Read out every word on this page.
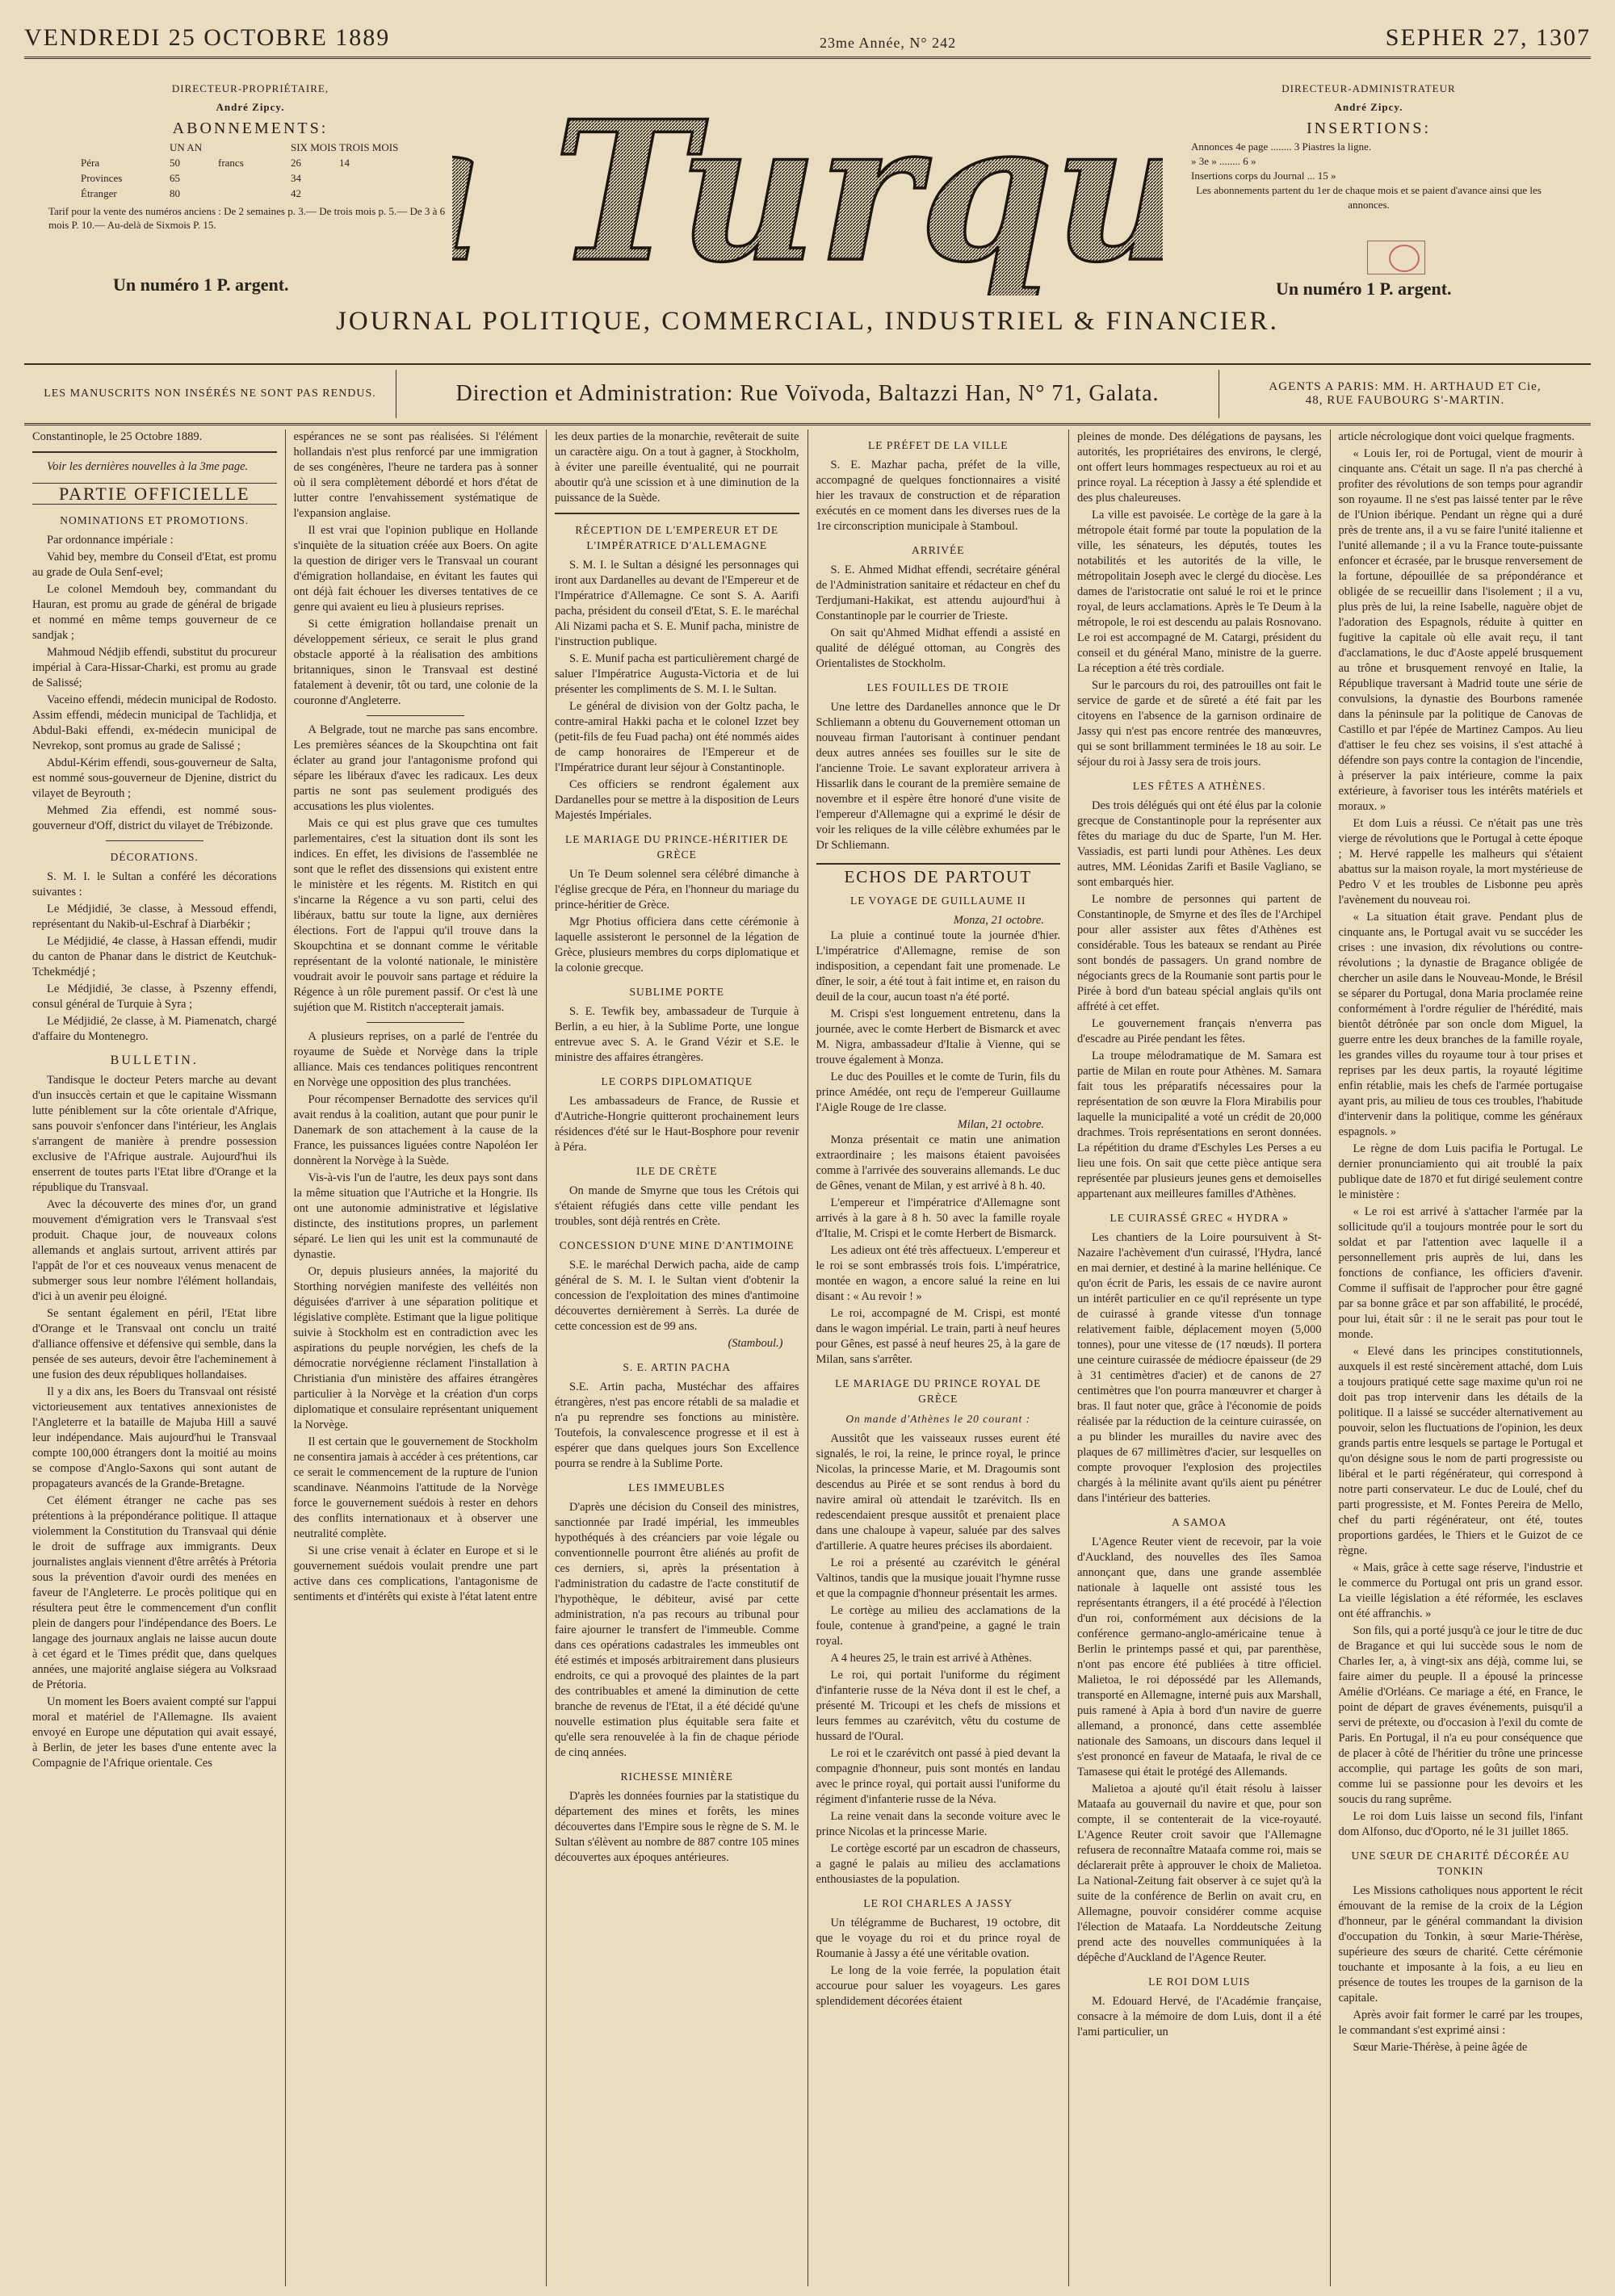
VENDREDI 25 OCTOBRE 1889	23me Année, N° 242	SEPHER 27, 1307
DIRECTEUR-PROPRIÉTAIRE,
André Zipcy.
ABONNEMENTS:
UN AN	SIX MOIS TROIS MOIS
Péra	50	francs	26	14
Provinces	65	34
Étranger	80	42
Tarif pour la vente des numéros anciens : De 2 semaines p. 3.— De trois mois p. 5.— De 3 à 6 mois P. 10.— Au-delà de Sixmois P. 15.
Un numéro 1 P. argent.	Turq
JOURNAL POLITIQUE, COMMERCIAL, INDUSTRIEL & FINANCIER.
DIRECTEUR-ADMINISTRATEUR
André Zipcy.
INSERTIONS:
Annonces 4e page ........ 3 Piastres la ligne.
» 3e » ........ 6 »
Insertions corps du Journal ... 15 »
Les abonnements partent du 1er de chaque mois et se paient d'avance ainsi que les annonces.
Un numéro 1 P. argent.
LES MANUSCRITS NON INSÉRÉS NE SONT PAS RENDUS.	Direction et Administration: Rue Voïvoda, Baltazzi Han, N° 71, Galata.	AGENTS A PARIS: MM. H. ARTHAUD ET Cie,
48, RUE FAUBOURG S'-MARTIN.

Constantinople, le 25 Octobre 1889.

Voir les dernières nouvelles à la 3me page.

PARTIE OFFICIELLE
NOMINATIONS ET PROMOTIONS.

Par ordonnance impériale :

Vahid bey, membre du Conseil d'Etat, est promu au grade de Oula Senf-evel;

Le colonel Memdouh bey, commandant du Hauran, est promu au grade de général de brigade et nommé en même temps gouverneur de ce sandjak ;

Mahmoud Nédjib effendi, substitut du procureur impérial à Cara-Hissar-Charki, est promu au grade de Salissé;

Vaceino effendi, médecin municipal de Rodosto. Assim effendi, médecin municipal de Tachlidja, et Abdul-Baki effendi, ex-médecin municipal de Nevrekop, sont promus au grade de Salissé ;

Abdul-Kérim effendi, sous-gouverneur de Salta, est nommé sous-gouverneur de Djenine, district du vilayet de Beyrouth ;

Mehmed Zia effendi, est nommé sous-gouverneur d'Off, district du vilayet de Trébizonde.

DÉCORATIONS.

S. M. I. le Sultan a conféré les décorations suivantes :

Le Médjidié, 3e classe, à Messoud effendi, représentant du Nakib-ul-Eschraf à Diarbékir ;

Le Médjidié, 4e classe, à Hassan effendi, mudir du canton de Phanar dans le district de Keutchuk-Tchekmédjé ;

Le Médjidié, 3e classe, à Pszenny effendi, consul général de Turquie à Syra ;

Le Médjidié, 2e classe, à M. Piamenatch, chargé d'affaire du Montenegro.

BULLETIN.

Tandisque le docteur Peters marche au devant d'un insuccès certain et que le capitaine Wissmann lutte péniblement sur la côte orientale d'Afrique, sans pouvoir s'enfoncer dans l'intérieur, les Anglais s'arrangent de manière à prendre possession exclusive de l'Afrique australe. Aujourd'hui ils enserrent de toutes parts l'Etat libre d'Orange et la république du Transvaal.

Avec la découverte des mines d'or, un grand mouvement d'émigration vers le Transvaal s'est produit. Chaque jour, de nouveaux colons allemands et anglais surtout, arrivent attirés par l'appât de l'or et ces nouveaux venus menacent de submerger sous leur nombre l'élément hollandais, d'ici à un avenir peu éloigné.

Se sentant également en péril, l'Etat libre d'Orange et le Transvaal ont conclu un traité d'alliance offensive et défensive qui semble, dans la pensée de ses auteurs, devoir être l'acheminement à une fusion des deux républiques hollandaises.

Il y a dix ans, les Boers du Transvaal ont résisté victorieusement aux tentatives annexionistes de l'Angleterre et la bataille de Majuba Hill a sauvé leur indépendance. Mais aujourd'hui le Transvaal compte 100,000 étrangers dont la moitié au moins se compose d'Anglo-Saxons qui sont autant de propagateurs avancés de la Grande-Bretagne.

Cet élément étranger ne cache pas ses prétentions à la prépondérance politique. Il attaque violemment la Constitution du Transvaal qui dénie le droit de suffrage aux immigrants. Deux journalistes anglais viennent d'être arrêtés à Prétoria sous la prévention d'avoir ourdi des menées en faveur de l'Angleterre. Le procès politique qui en résultera peut être le commencement d'un conflit plein de dangers pour l'indépendance des Boers. Le langage des journaux anglais ne laisse aucun doute à cet égard et le Times prédit que, dans quelques années, une majorité anglaise siégera au Volksraad de Prétoria.

Un moment les Boers avaient compté sur l'appui moral et matériel de l'Allemagne. Ils avaient envoyé en Europe une députation qui avait essayé, à Berlin, de jeter les bases d'une entente avec la Compagnie de l'Afrique orientale. Ces

espérances ne se sont pas réalisées. Si l'élément hollandais n'est plus renforcé par une immigration de ses congénères, l'heure ne tardera pas à sonner où il sera complètement débordé et hors d'état de lutter contre l'envahissement systématique de l'expansion anglaise.

Il est vrai que l'opinion publique en Hollande s'inquiète de la situation créée aux Boers. On agite la question de diriger vers le Transvaal un courant d'émigration hollandaise, en évitant les fautes qui ont déjà fait échouer les diverses tentatives de ce genre qui avaient eu lieu à plusieurs reprises.

Si cette émigration hollandaise prenait un développement sérieux, ce serait le plus grand obstacle apporté à la réalisation des ambitions britanniques, sinon le Transvaal est destiné fatalement à devenir, tôt ou tard, une colonie de la couronne d'Angleterre.

A Belgrade, tout ne marche pas sans encombre. Les premières séances de la Skoupchtina ont fait éclater au grand jour l'antagonisme profond qui sépare les libéraux d'avec les radicaux. Les deux partis ne sont pas seulement prodigués des accusations les plus violentes.

Mais ce qui est plus grave que ces tumultes parlementaires, c'est la situation dont ils sont les indices. En effet, les divisions de l'assemblée ne sont que le reflet des dissensions qui existent entre le ministère et les régents. M. Ristitch en qui s'incarne la Régence a vu son parti, celui des libéraux, battu sur toute la ligne, aux dernières élections. Fort de l'appui qu'il trouve dans la Skoupchtina et se donnant comme le véritable représentant de la volonté nationale, le ministère voudrait avoir le pouvoir sans partage et réduire la Régence à un rôle purement passif. Or c'est là une sujétion que M. Ristitch n'accepterait jamais.

A plusieurs reprises, on a parlé de l'entrée du royaume de Suède et Norvège dans la triple alliance. Mais ces tendances politiques rencontrent en Norvège une opposition des plus tranchées.

Pour récompenser Bernadotte des services qu'il avait rendus à la coalition, autant que pour punir le Danemark de son attachement à la cause de la France, les puissances liguées contre Napoléon Ier donnèrent la Norvège à la Suède.

Vis-à-vis l'un de l'autre, les deux pays sont dans la même situation que l'Autriche et la Hongrie. Ils ont une autonomie administrative et législative distincte, des institutions propres, un parlement séparé. Le lien qui les unit est la communauté de dynastie.

Or, depuis plusieurs années, la majorité du Storthing norvégien manifeste des velléités non déguisées d'arriver à une séparation politique et législative complète. Estimant que la ligue politique suivie à Stockholm est en contradiction avec les aspirations du peuple norvégien, les chefs de la démocratie norvégienne réclament l'installation à Christiania d'un ministère des affaires étrangères particulier à la Norvège et la création d'un corps diplomatique et consulaire représentant uniquement la Norvège.

Il est certain que le gouvernement de Stockholm ne consentira jamais à accéder à ces prétentions, car ce serait le commencement de la rupture de l'union scandinave. Néanmoins l'attitude de la Norvège force le gouvernement suédois à rester en dehors des conflits internationaux et à observer une neutralité complète.

Si une crise venait à éclater en Europe et si le gouvernement suédois voulait prendre une part active dans ces complications, l'antagonisme de sentiments et d'intérêts qui existe à l'état latent entre

les deux parties de la monarchie, revêterait de suite un caractère aigu. On a tout à gagner, à Stockholm, à éviter une pareille éventualité, qui ne pourrait aboutir qu'à une scission et à une diminution de la puissance de la Suède.

RÉCEPTION DE L'EMPEREUR ET DE L'IMPÉRATRICE D'ALLEMAGNE

S. M. I. le Sultan a désigné les personnages qui iront aux Dardanelles au devant de l'Empereur et de l'Impératrice d'Allemagne. Ce sont S. A. Aarifi pacha, président du conseil d'Etat, S. E. le maréchal Ali Nizami pacha et S. E. Munif pacha, ministre de l'instruction publique.

S. E. Munif pacha est particulièrement chargé de saluer l'Impératrice Augusta-Victoria et de lui présenter les compliments de S. M. I. le Sultan.

Le général de division von der Goltz pacha, le contre-amiral Hakki pacha et le colonel Izzet bey (petit-fils de feu Fuad pacha) ont été nommés aides de camp honoraires de l'Empereur et de l'Impératrice durant leur séjour à Constantinople.

Ces officiers se rendront également aux Dardanelles pour se mettre à la disposition de Leurs Majestés Impériales.

LE MARIAGE DU PRINCE-HÉRITIER DE GRÈCE

Un Te Deum solennel sera célébré dimanche à l'église grecque de Péra, en l'honneur du mariage du prince-héritier de Grèce.

Mgr Photius officiera dans cette cérémonie à laquelle assisteront le personnel de la légation de Grèce, plusieurs membres du corps diplomatique et la colonie grecque.

SUBLIME PORTE

S. E. Tewfik bey, ambassadeur de Turquie à Berlin, a eu hier, à la Sublime Porte, une longue entrevue avec S. A. le Grand Vézir et S.E. le ministre des affaires étrangères.

LE CORPS DIPLOMATIQUE

Les ambassadeurs de France, de Russie et d'Autriche-Hongrie quitteront prochainement leurs résidences d'été sur le Haut-Bosphore pour revenir à Péra.

ILE DE CRÈTE

On mande de Smyrne que tous les Crétois qui s'étaient réfugiés dans cette ville pendant les troubles, sont déjà rentrés en Crète.

CONCESSION D'UNE MINE D'ANTIMOINE

S.E. le maréchal Derwich pacha, aide de camp général de S. M. I. le Sultan vient d'obtenir la concession de l'exploitation des mines d'antimoine découvertes dernièrement à Serrès. La durée de cette concession est de 99 ans.

(Stamboul.)
S. E. ARTIN PACHA

S.E. Artin pacha, Mustéchar des affaires étrangères, n'est pas encore rétabli de sa maladie et n'a pu reprendre ses fonctions au ministère. Toutefois, la convalescence progresse et il est à espérer que dans quelques jours Son Excellence pourra se rendre à la Sublime Porte.

LES IMMEUBLES

D'après une décision du Conseil des ministres, sanctionnée par Iradé impérial, les immeubles hypothéqués à des créanciers par voie légale ou conventionnelle pourront être aliénés au profit de ces derniers, si, après la présentation à l'administration du cadastre de l'acte constitutif de l'hypothèque, le débiteur, avisé par cette administration, n'a pas recours au tribunal pour faire ajourner le transfert de l'immeuble. Comme dans ces opérations cadastrales les immeubles ont été estimés et imposés arbitrairement dans plusieurs endroits, ce qui a provoqué des plaintes de la part des contribuables et amené la diminution de cette branche de revenus de l'Etat, il a été décidé qu'une nouvelle estimation plus équitable sera faite et qu'elle sera renouvelée à la fin de chaque période de cinq années.

RICHESSE MINIÈRE

D'après les données fournies par la statistique du département des mines et forêts, les mines découvertes dans l'Empire sous le règne de S. M. le Sultan s'élèvent au nombre de 887 contre 105 mines découvertes aux époques antérieures.

LE PRÉFET DE LA VILLE

S. E. Mazhar pacha, préfet de la ville, accompagné de quelques fonctionnaires a visité hier les travaux de construction et de réparation exécutés en ce moment dans les diverses rues de la 1re circonscription municipale à Stamboul.

ARRIVÉE

S. E. Ahmed Midhat effendi, secrétaire général de l'Administration sanitaire et rédacteur en chef du Terdjumani-Hakikat, est attendu aujourd'hui à Constantinople par le courrier de Trieste.

On sait qu'Ahmed Midhat effendi a assisté en qualité de délégué ottoman, au Congrès des Orientalistes de Stockholm.

LES FOUILLES DE TROIE

Une lettre des Dardanelles annonce que le Dr Schliemann a obtenu du Gouvernement ottoman un nouveau firman l'autorisant à continuer pendant deux autres années ses fouilles sur le site de l'ancienne Troie. Le savant explorateur arrivera à Hissarlik dans le courant de la première semaine de novembre et il espère être honoré d'une visite de l'empereur d'Allemagne qui a exprimé le désir de voir les reliques de la ville célèbre exhumées par le Dr Schliemann.

ECHOS DE PARTOUT
LE VOYAGE DE GUILLAUME II
Monza, 21 octobre.

La pluie a continué toute la journée d'hier. L'impératrice d'Allemagne, remise de son indisposition, a cependant fait une promenade. Le dîner, le soir, a été tout à fait intime et, en raison du deuil de la cour, aucun toast n'a été porté.

M. Crispi s'est longuement entretenu, dans la journée, avec le comte Herbert de Bismarck et avec M. Nigra, ambassadeur d'Italie à Vienne, qui se trouve également à Monza.

Le duc des Pouilles et le comte de Turin, fils du prince Amédée, ont reçu de l'empereur Guillaume l'Aigle Rouge de 1re classe.

Milan, 21 octobre.

Monza présentait ce matin une animation extraordinaire ; les maisons étaient pavoisées comme à l'arrivée des souverains allemands. Le duc de Gênes, venant de Milan, y est arrivé à 8 h. 40.

L'empereur et l'impératrice d'Allemagne sont arrivés à la gare à 8 h. 50 avec la famille royale d'Italie, M. Crispi et le comte Herbert de Bismarck.

Les adieux ont été très affectueux. L'empereur et le roi se sont embrassés trois fois. L'impératrice, montée en wagon, a encore salué la reine en lui disant : « Au revoir ! »

Le roi, accompagné de M. Crispi, est monté dans le wagon impérial. Le train, parti à neuf heures pour Gênes, est passé à neuf heures 25, à la gare de Milan, sans s'arrêter.

LE MARIAGE DU PRINCE ROYAL DE GRÈCE
On mande d'Athènes le 20 courant :

Aussitôt que les vaisseaux russes eurent été signalés, le roi, la reine, le prince royal, le prince Nicolas, la princesse Marie, et M. Dragoumis sont descendus au Pirée et se sont rendus à bord du navire amiral où attendait le tzarévitch. Ils en redescendaient presque aussitôt et prenaient place dans une chaloupe à vapeur, saluée par des salves d'artillerie. A quatre heures précises ils abordaient.

Le roi a présenté au czarévitch le général Valtinos, tandis que la musique jouait l'hymne russe et que la compagnie d'honneur présentait les armes.

Le cortège au milieu des acclamations de la foule, contenue à grand'peine, a gagné le train royal.

A 4 heures 25, le train est arrivé à Athènes.

Le roi, qui portait l'uniforme du régiment d'infanterie russe de la Néva dont il est le chef, a présenté M. Tricoupi et les chefs de missions et leurs femmes au czarévitch, vêtu du costume de hussard de l'Oural.

Le roi et le czarévitch ont passé à pied devant la compagnie d'honneur, puis sont montés en landau avec le prince royal, qui portait aussi l'uniforme du régiment d'infanterie russe de la Néva.

La reine venait dans la seconde voiture avec le prince Nicolas et la princesse Marie.

Le cortège escorté par un escadron de chasseurs, a gagné le palais au milieu des acclamations enthousiastes de la population.

LE ROI CHARLES A JASSY

Un télégramme de Bucharest, 19 octobre, dit que le voyage du roi et du prince royal de Roumanie à Jassy a été une véritable ovation.

Le long de la voie ferrée, la population était accourue pour saluer les voyageurs. Les gares splendidement décorées étaient

pleines de monde. Des délégations de paysans, les autorités, les propriétaires des environs, le clergé, ont offert leurs hommages respectueux au roi et au prince royal. La réception à Jassy a été splendide et des plus chaleureuses.

La ville est pavoisée. Le cortège de la gare à la métropole était formé par toute la population de la ville, les sénateurs, les députés, toutes les notabilités et les autorités de la ville, le métropolitain Joseph avec le clergé du diocèse. Les dames de l'aristocratie ont salué le roi et le prince royal, de leurs acclamations. Après le Te Deum à la métropole, le roi est descendu au palais Rosnovano. Le roi est accompagné de M. Catargi, président du conseil et du général Mano, ministre de la guerre. La réception a été très cordiale.

Sur le parcours du roi, des patrouilles ont fait le service de garde et de sûreté a été fait par les citoyens en l'absence de la garnison ordinaire de Jassy qui n'est pas encore rentrée des manœuvres, qui se sont brillamment terminées le 18 au soir. Le séjour du roi à Jassy sera de trois jours.

LES FÊTES A ATHÈNES.

Des trois délégués qui ont été élus par la colonie grecque de Constantinople pour la représenter aux fêtes du mariage du duc de Sparte, l'un M. Her. Vassiadis, est parti lundi pour Athènes. Les deux autres, MM. Léonidas Zarifi et Basile Vagliano, se sont embarqués hier.

Le nombre de personnes qui partent de Constantinople, de Smyrne et des îles de l'Archipel pour aller assister aux fêtes d'Athènes est considérable. Tous les bateaux se rendant au Pirée sont bondés de passagers. Un grand nombre de négociants grecs de la Roumanie sont partis pour le Pirée à bord d'un bateau spécial anglais qu'ils ont affrété à cet effet.

Le gouvernement français n'enverra pas d'escadre au Pirée pendant les fêtes.

La troupe mélodramatique de M. Samara est partie de Milan en route pour Athènes. M. Samara fait tous les préparatifs nécessaires pour la représentation de son œuvre la Flora Mirabilis pour laquelle la municipalité a voté un crédit de 20,000 drachmes. Trois représentations en seront données. La répétition du drame d'Eschyles Les Perses a eu lieu une fois. On sait que cette pièce antique sera représentée par plusieurs jeunes gens et demoiselles appartenant aux meilleures familles d'Athènes.

LE CUIRASSÉ GREC « HYDRA »

Les chantiers de la Loire poursuivent à St-Nazaire l'achèvement d'un cuirassé, l'Hydra, lancé en mai dernier, et destiné à la marine hellénique. Ce qu'on écrit de Paris, les essais de ce navire auront un intérêt particulier en ce qu'il représente un type de cuirassé à grande vitesse d'un tonnage relativement faible, déplacement moyen (5,000 tonnes), pour une vitesse de (17 nœuds). Il portera une ceinture cuirassée de médiocre épaisseur (de 29 à 31 centimètres d'acier) et de canons de 27 centimètres que l'on pourra manœuvrer et charger à bras. Il faut noter que, grâce à l'économie de poids réalisée par la réduction de la ceinture cuirassée, on a pu blinder les murailles du navire avec des plaques de 67 millimètres d'acier, sur lesquelles on compte provoquer l'explosion des projectiles chargés à la mélinite avant qu'ils aient pu pénétrer dans l'intérieur des batteries.

A SAMOA

L'Agence Reuter vient de recevoir, par la voie d'Auckland, des nouvelles des îles Samoa annonçant que, dans une grande assemblée nationale à laquelle ont assisté tous les représentants étrangers, il a été procédé à l'élection d'un roi, conformément aux décisions de la conférence germano-anglo-américaine tenue à Berlin le printemps passé et qui, par parenthèse, n'ont pas encore été publiées à titre officiel. Malietoa, le roi dépossédé par les Allemands, transporté en Allemagne, interné puis aux Marshall, puis ramené à Apia à bord d'un navire de guerre allemand, a prononcé, dans cette assemblée nationale des Samoans, un discours dans lequel il s'est prononcé en faveur de Mataafa, le rival de ce Tamasese qui était le protégé des Allemands.

Malietoa a ajouté qu'il était résolu à laisser Mataafa au gouvernail du navire et que, pour son compte, il se contenterait de la vice-royauté. L'Agence Reuter croit savoir que l'Allemagne refusera de reconnaître Mataafa comme roi, mais se déclarerait prête à approuver le choix de Malietoa. La National-Zeitung fait observer à ce sujet qu'à la suite de la conférence de Berlin on avait cru, en Allemagne, pouvoir considérer comme acquise l'élection de Mataafa. La Norddeutsche Zeitung prend acte des nouvelles communiquées à la dépêche d'Auckland de l'Agence Reuter.

LE ROI DOM LUIS

M. Edouard Hervé, de l'Académie française, consacre à la mémoire de dom Luis, dont il a été l'ami particulier, un

article nécrologique dont voici quelque fragments.

« Louis Ier, roi de Portugal, vient de mourir à cinquante ans. C'était un sage. Il n'a pas cherché à profiter des révolutions de son temps pour agrandir son royaume. Il ne s'est pas laissé tenter par le rêve de l'Union ibérique. Pendant un règne qui a duré près de trente ans, il a vu se faire l'unité italienne et l'unité allemande ; il a vu la France toute-puissante enfoncer et écrasée, par le brusque renversement de la fortune, dépouillée de sa prépondérance et obligée de se recueillir dans l'isolement ; il a vu, plus près de lui, la reine Isabelle, naguère objet de l'adoration des Espagnols, réduite à quitter en fugitive la capitale où elle avait reçu, il tant d'acclamations, le duc d'Aoste appelé brusquement au trône et brusquement renvoyé en Italie, la République traversant à Madrid toute une série de convulsions, la dynastie des Bourbons ramenée dans la péninsule par la politique de Canovas de Castillo et par l'épée de Martinez Campos. Au lieu d'attiser le feu chez ses voisins, il s'est attaché à défendre son pays contre la contagion de l'incendie, à préserver la paix intérieure, comme la paix extérieure, à favoriser tous les intérêts matériels et moraux. »

Et dom Luis a réussi. Ce n'était pas une très vierge de révolutions que le Portugal à cette époque ; M. Hervé rappelle les malheurs qui s'étaient abattus sur la maison royale, la mort mystérieuse de Pedro V et les troubles de Lisbonne peu après l'avènement du nouveau roi.

« La situation était grave. Pendant plus de cinquante ans, le Portugal avait vu se succéder les crises : une invasion, dix révolutions ou contre-révolutions ; la dynastie de Bragance obligée de chercher un asile dans le Nouveau-Monde, le Brésil se séparer du Portugal, dona Maria proclamée reine conformément à l'ordre régulier de l'hérédité, mais bientôt détrônée par son oncle dom Miguel, la guerre entre les deux branches de la famille royale, les grandes villes du royaume tour à tour prises et reprises par les deux partis, la royauté légitime enfin rétablie, mais les chefs de l'armée portugaise ayant pris, au milieu de tous ces troubles, l'habitude d'intervenir dans la politique, comme les généraux espagnols. »

Le règne de dom Luis pacifia le Portugal. Le dernier pronunciamiento qui ait troublé la paix publique date de 1870 et fut dirigé seulement contre le ministère :

« Le roi est arrivé à s'attacher l'armée par la sollicitude qu'il a toujours montrée pour le sort du soldat et par l'attention avec laquelle il a personnellement pris auprès de lui, dans les fonctions de confiance, les officiers d'avenir. Comme il suffisait de l'approcher pour être gagné par sa bonne grâce et par son affabilité, le procédé, pour lui, était sûr : il ne le serait pas pour tout le monde.

« Elevé dans les principes constitutionnels, auxquels il est resté sincèrement attaché, dom Luis a toujours pratiqué cette sage maxime qu'un roi ne doit pas trop intervenir dans les détails de la politique. Il a laissé se succéder alternativement au pouvoir, selon les fluctuations de l'opinion, les deux grands partis entre lesquels se partage le Portugal et qu'on désigne sous le nom de parti progressiste ou libéral et le parti régénérateur, qui correspond à notre parti conservateur. Le duc de Loulé, chef du parti progressiste, et M. Fontes Pereira de Mello, chef du parti régénérateur, ont été, toutes proportions gardées, le Thiers et le Guizot de ce règne.

« Mais, grâce à cette sage réserve, l'industrie et le commerce du Portugal ont pris un grand essor. La vieille législation a été réformée, les esclaves ont été affranchis. »

Son fils, qui a porté jusqu'à ce jour le titre de duc de Bragance et qui lui succède sous le nom de Charles Ier, a, à vingt-six ans déjà, comme lui, se faire aimer du peuple. Il a épousé la princesse Amélie d'Orléans. Ce mariage a été, en France, le point de départ de graves événements, puisqu'il a servi de prétexte, ou d'occasion à l'exil du comte de Paris. En Portugal, il n'a eu pour conséquence que de placer à côté de l'héritier du trône une princesse accomplie, qui partage les goûts de son mari, comme lui se passionne pour les devoirs et les soucis du rang suprême.

Le roi dom Luis laisse un second fils, l'infant dom Alfonso, duc d'Oporto, né le 31 juillet 1865.

UNE SŒUR DE CHARITÉ DÉCORÉE AU TONKIN

Les Missions catholiques nous apportent le récit émouvant de la remise de la croix de la Légion d'honneur, par le général commandant la division d'occupation du Tonkin, à sœur Marie-Thérèse, supérieure des sœurs de charité. Cette cérémonie touchante et imposante à la fois, a eu lieu en présence de toutes les troupes de la garnison de la capitale.

Après avoir fait former le carré par les troupes, le commandant s'est exprimé ainsi :

Sœur Marie-Thérèse, à peine âgée de
